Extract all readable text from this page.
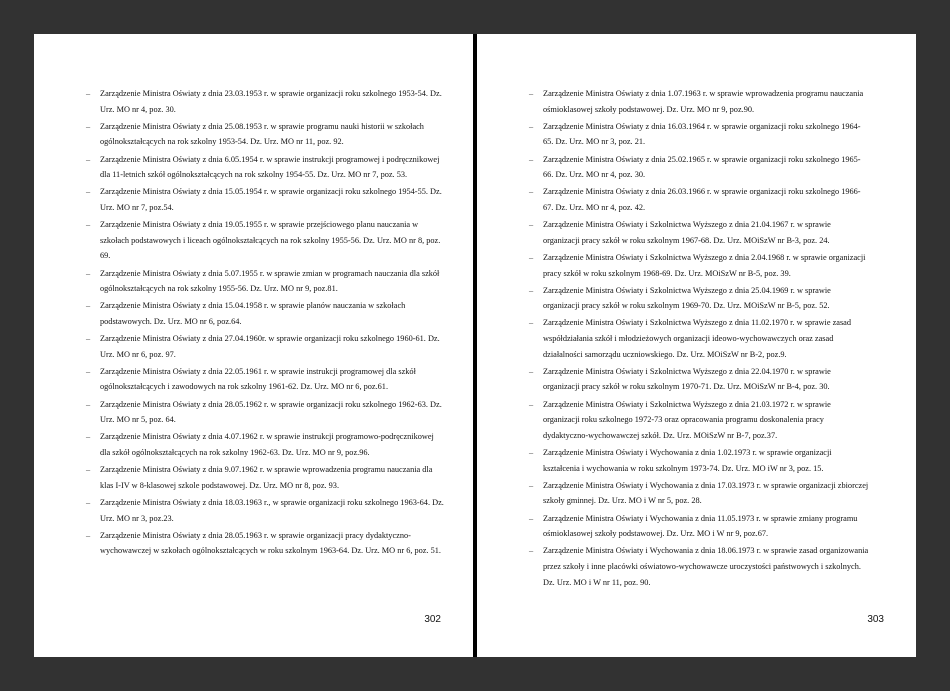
– Zarządzenie Ministra Oświaty z dnia 23.03.1953 r. w sprawie organizacji roku szkolnego 1953-54. Dz. Urz. MO nr 4, poz. 30.
– Zarządzenie Ministra Oświaty z dnia 25.08.1953 r. w sprawie programu nauki historii w szkołach ogólnokształcących na rok szkolny 1953-54. Dz. Urz. MO nr 11, poz. 92.
– Zarządzenie Ministra Oświaty z dnia 6.05.1954 r. w sprawie instrukcji programowej i podręcznikowej dla 11-letnich szkół ogólnokształcących na rok szkolny 1954-55. Dz. Urz. MO nr 7, poz. 53.
– Zarządzenie Ministra Oświaty z dnia 15.05.1954 r. w sprawie organizacji roku szkolnego 1954-55. Dz. Urz. MO nr 7, poz.54.
– Zarządzenie Ministra Oświaty z dnia 19.05.1955 r. w sprawie przejściowego planu nauczania w szkołach podstawowych i liceach ogólnokształcących na rok szkolny 1955-56. Dz. Urz. MO nr 8, poz. 69.
– Zarządzenie Ministra Oświaty z dnia 5.07.1955 r. w sprawie zmian w programach nauczania dla szkół ogólnokształcących na rok szkolny 1955-56. Dz. Urz. MO nr 9, poz.81.
– Zarządzenie Ministra Oświaty z dnia 15.04.1958 r. w sprawie planów nauczania w szkołach podstawowych. Dz. Urz. MO nr 6, poz.64.
– Zarządzenie Ministra Oświaty z dnia 27.04.1960r. w sprawie organizacji roku szkolnego 1960-61. Dz. Urz. MO nr 6, poz. 97.
– Zarządzenie Ministra Oświaty z dnia 22.05.1961 r. w sprawie instrukcji programowej dla szkół ogólnokształcących i zawodowych na rok szkolny 1961-62. Dz. Urz. MO nr 6, poz.61.
– Zarządzenie Ministra Oświaty z dnia 28.05.1962 r. w sprawie organizacji roku szkolnego 1962-63. Dz. Urz. MO nr 5, poz. 64.
– Zarządzenie Ministra Oświaty z dnia 4.07.1962 r. w sprawie instrukcji programowo-podręcznikowej dla szkół ogólnokształcących na rok szkolny 1962-63. Dz. Urz. MO nr 9, poz.96.
– Zarządzenie Ministra Oświaty z dnia 9.07.1962 r. w sprawie wprowadzenia programu nauczania dla klas I-IV w 8-klasowej szkole podstawowej. Dz. Urz. MO nr 8, poz. 93.
– Zarządzenie Ministra Oświaty z dnia 18.03.1963 r., w sprawie organizacji roku szkolnego 1963-64. Dz. Urz. MO nr 3, poz.23.
– Zarządzenie Ministra Oświaty z dnia 28.05.1963 r. w sprawie organizacji pracy dydaktyczno-wychowawczej w szkołach ogólnokształcących w roku szkolnym 1963-64. Dz. Urz. MO nr 6, poz. 51.
302
– Zarządzenie Ministra Oświaty z dnia 1.07.1963 r. w sprawie wprowadzenia programu nauczania ośmioklasowej szkoły podstawowej. Dz. Urz. MO nr 9, poz.90.
– Zarządzenie Ministra Oświaty z dnia 16.03.1964 r. w sprawie organizacji roku szkolnego 1964-65. Dz. Urz. MO nr 3, poz. 21.
– Zarządzenie Ministra Oświaty z dnia 25.02.1965 r. w sprawie organizacji roku szkolnego 1965-66. Dz. Urz. MO nr 4, poz. 30.
– Zarządzenie Ministra Oświaty z dnia 26.03.1966 r. w sprawie organizacji roku szkolnego 1966-67. Dz. Urz. MO nr 4, poz. 42.
– Zarządzenie Ministra Oświaty i Szkolnictwa Wyższego z dnia 21.04.1967 r. w sprawie organizacji pracy szkół w roku szkolnym 1967-68. Dz. Urz. MOiSzW nr B-3, poz. 24.
– Zarządzenie Ministra Oświaty i Szkolnictwa Wyższego z dnia 2.04.1968 r. w sprawie organizacji pracy szkół w roku szkolnym 1968-69. Dz. Urz. MOiSzW nr B-5, poz. 39.
– Zarządzenie Ministra Oświaty i Szkolnictwa Wyższego z dnia 25.04.1969 r. w sprawie organizacji pracy szkół w roku szkolnym 1969-70. Dz. Urz. MOiSzW nr B-5, poz. 52.
– Zarządzenie Ministra Oświaty i Szkolnictwa Wyższego z dnia 11.02.1970 r. w sprawie zasad współdziałania szkół i młodzieżowych organizacji ideowo-wychowawczych oraz zasad działalności samorządu uczniowskiego. Dz. Urz. MOiSzW nr B-2, poz.9.
– Zarządzenie Ministra Oświaty i Szkolnictwa Wyższego z dnia 22.04.1970 r. w sprawie organizacji pracy szkół w roku szkolnym 1970-71. Dz. Urz. MOiSzW nr B-4, poz. 30.
– Zarządzenie Ministra Oświaty i Szkolnictwa Wyższego z dnia 21.03.1972 r. w sprawie organizacji roku szkolnego 1972-73 oraz opracowania programu doskonalenia pracy dydaktyczno-wychowawczej szkół. Dz. Urz. MOiSzW nr B-7, poz.37.
– Zarządzenie Ministra Oświaty i Wychowania z dnia 1.02.1973 r. w sprawie organizacji kształcenia i wychowania w roku szkolnym 1973-74. Dz. Urz. MO iW nr 3, poz. 15.
– Zarządzenie Ministra Oświaty i Wychowania z dnia 17.03.1973 r. w sprawie organizacji zbiorczej szkoły gminnej. Dz. Urz. MO i W nr 5, poz. 28.
– Zarządzenie Ministra Oświaty i Wychowania z dnia 11.05.1973 r. w sprawie zmiany programu ośmioklasowej szkoły podstawowej. Dz. Urz. MO i W nr 9, poz.67.
– Zarządzenie Ministra Oświaty i Wychowania z dnia 18.06.1973 r. w sprawie zasad organizowania przez szkoły i inne placówki oświatowo-wychowawcze uroczystości państwowych i szkolnych. Dz. Urz. MO i W nr 11, poz. 90.
303
